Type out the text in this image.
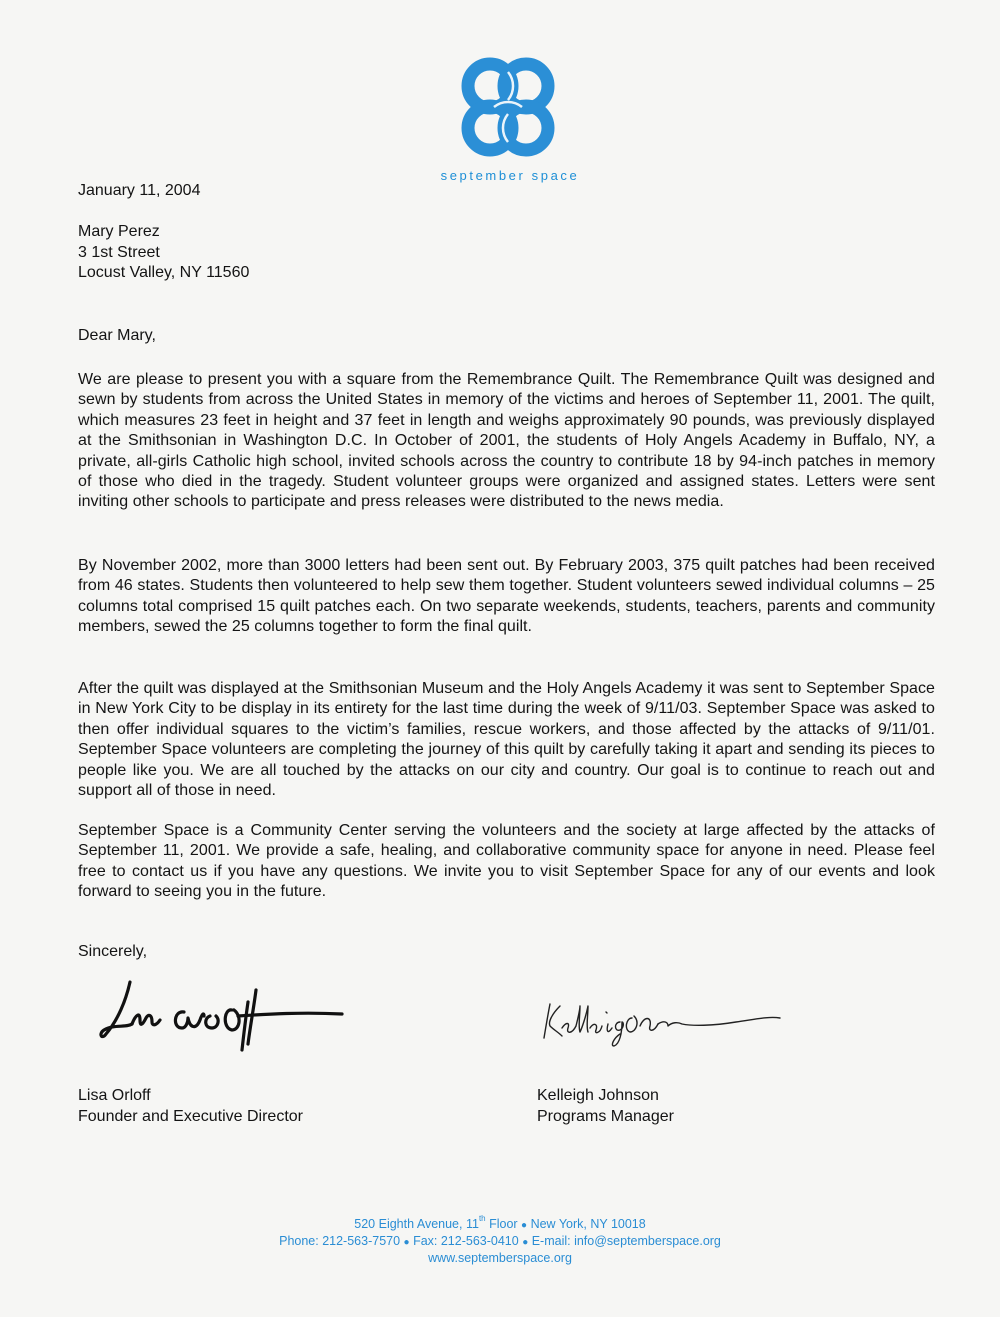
september space
January 11, 2004
Mary Perez
3 1st Street
Locust Valley, NY 11560
Dear Mary,
We are please to present you with a square from the Remembrance Quilt. The Remembrance Quilt was designed and sewn by students from across the United States in memory of the victims and heroes of September 11, 2001. The quilt, which measures 23 feet in height and 37 feet in length and weighs approximately 90 pounds, was previously displayed at the Smithsonian in Washington D.C. In October of 2001, the students of Holy Angels Academy in Buffalo, NY, a private, all-girls Catholic high school, invited schools across the country to contribute 18 by 94-inch patches in memory of those who died in the tragedy. Student volunteer groups were organized and assigned states. Letters were sent inviting other schools to participate and press releases were distributed to the news media.
By November 2002, more than 3000 letters had been sent out. By February 2003, 375 quilt patches had been received from 46 states. Students then volunteered to help sew them together. Student volunteers sewed individual columns – 25 columns total comprised 15 quilt patches each. On two separate weekends, students, teachers, parents and community members, sewed the 25 columns together to form the final quilt.
After the quilt was displayed at the Smithsonian Museum and the Holy Angels Academy it was sent to September Space in New York City to be display in its entirety for the last time during the week of 9/11/03. September Space was asked to then offer individual squares to the victim’s families, rescue workers, and those affected by the attacks of 9/11/01. September Space volunteers are completing the journey of this quilt by carefully taking it apart and sending its pieces to people like you. We are all touched by the attacks on our city and country. Our goal is to continue to reach out and support all of those in need.
September Space is a Community Center serving the volunteers and the society at large affected by the attacks of September 11, 2001. We provide a safe, healing, and collaborative community space for anyone in need. Please feel free to contact us if you have any questions. We invite you to visit September Space for any of our events and look forward to seeing you in the future.
Sincerely,
Lisa Orloff
Founder and Executive Director
Kelleigh Johnson
Programs Manager
520 Eighth Avenue, 11th Floor ● New York, NY 10018
Phone: 212-563-7570 ● Fax: 212-563-0410 ● E-mail: info@septemberspace.org
www.septemberspace.org
